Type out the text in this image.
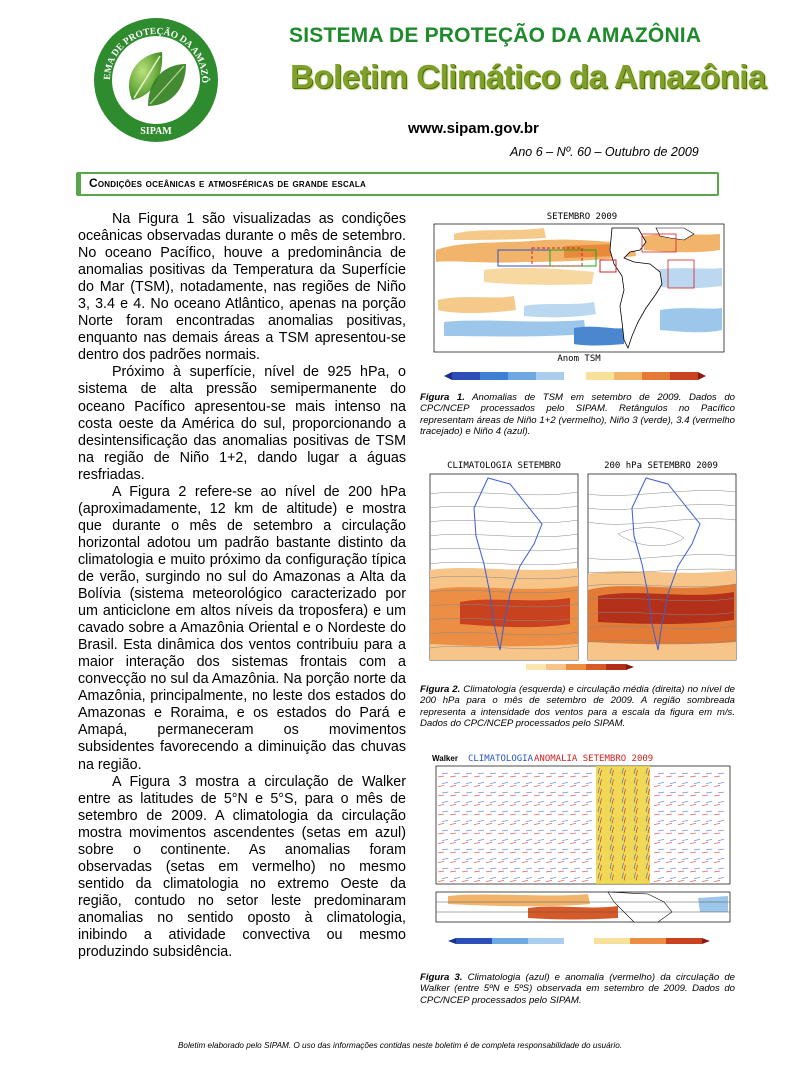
EMA DE PROTEÇÃO DA AMAZÔ
SIPAM
SISTEMA DE PROTEÇÃO DA AMAZÔNIA
Boletim Climático da Amazônia
www.sipam.gov.br
Ano 6 – Nº. 60 – Outubro de 2009
Condições oceânicas e atmosféricas de grande escala

Na Figura 1 são visualizadas as condições oceânicas observadas durante o mês de setembro. No oceano Pacífico, houve a predominância de anomalias positivas da Temperatura da Superfície do Mar (TSM), notadamente, nas regiões de Niño 3, 3.4 e 4. No oceano Atlântico, apenas na porção Norte foram encontradas anomalias positivas, enquanto nas demais áreas a TSM apresentou-se dentro dos padrões normais.

Próximo à superfície, nível de 925 hPa, o sistema de alta pressão semipermanente do oceano Pacífico apresentou-se mais intenso na costa oeste da América do sul, proporcionando a desintensificação das anomalias positivas de TSM na região de Niño 1+2, dando lugar a águas resfriadas.

A Figura 2 refere-se ao nível de 200 hPa (aproximadamente, 12 km de altitude) e mostra que durante o mês de setembro a circulação horizontal adotou um padrão bastante distinto da climatologia e muito próximo da configuração típica de verão, surgindo no sul do Amazonas a Alta da Bolívia (sistema meteorológico caracterizado por um anticiclone em altos níveis da troposfera) e um cavado sobre a Amazônia Oriental e o Nordeste do Brasil. Esta dinâmica dos ventos contribuiu para a maior interação dos sistemas frontais com a convecção no sul da Amazônia. Na porção norte da Amazônia, principalmente, no leste dos estados do Amazonas e Roraima, e os estados do Pará e Amapá, permaneceram os movimentos subsidentes favorecendo a diminuição das chuvas na região.

A Figura 3 mostra a circulação de Walker entre as latitudes de 5°N e 5°S, para o mês de setembro de 2009. A climatologia da circulação mostra movimentos ascendentes (setas em azul) sobre o continente. As anomalias foram observadas (setas em vermelho) no mesmo sentido da climatologia no extremo Oeste da região, contudo no setor leste predominaram anomalias no sentido oposto à climatologia, inibindo a atividade convectiva ou mesmo produzindo subsidência.

SETEMBRO 2009
Anom TSM
Figura 1. Anomalias de TSM em setembro de 2009. Dados do CPC/NCEP processados pelo SIPAM. Retângulos no Pacífico representam áreas de Niño 1+2 (vermelho), Niño 3 (verde), 3.4 (vermelho tracejado) e Niño 4 (azul).
CLIMATOLOGIA SETEMBRO	200 hPa SETEMBRO 2009
Figura 2. Climatologia (esquerda) e circulação média (direita) no nível de 200 hPa para o mês de setembro de 2009. A região sombreada representa a intensidade dos ventos para a escala da figura em m/s. Dados do CPC/NCEP processados pelo SIPAM.
Walker CLIMATOLOGIA ANOMALIA SETEMBRO 2009
Figura 3. Climatologia (azul) e anomalia (vermelho) da circulação de Walker (entre 5ºN e 5ºS) observada em setembro de 2009. Dados do CPC/NCEP processados pelo SIPAM.
Boletim elaborado pelo SIPAM. O uso das informações contidas neste boletim é de completa responsabilidade do usuário.
